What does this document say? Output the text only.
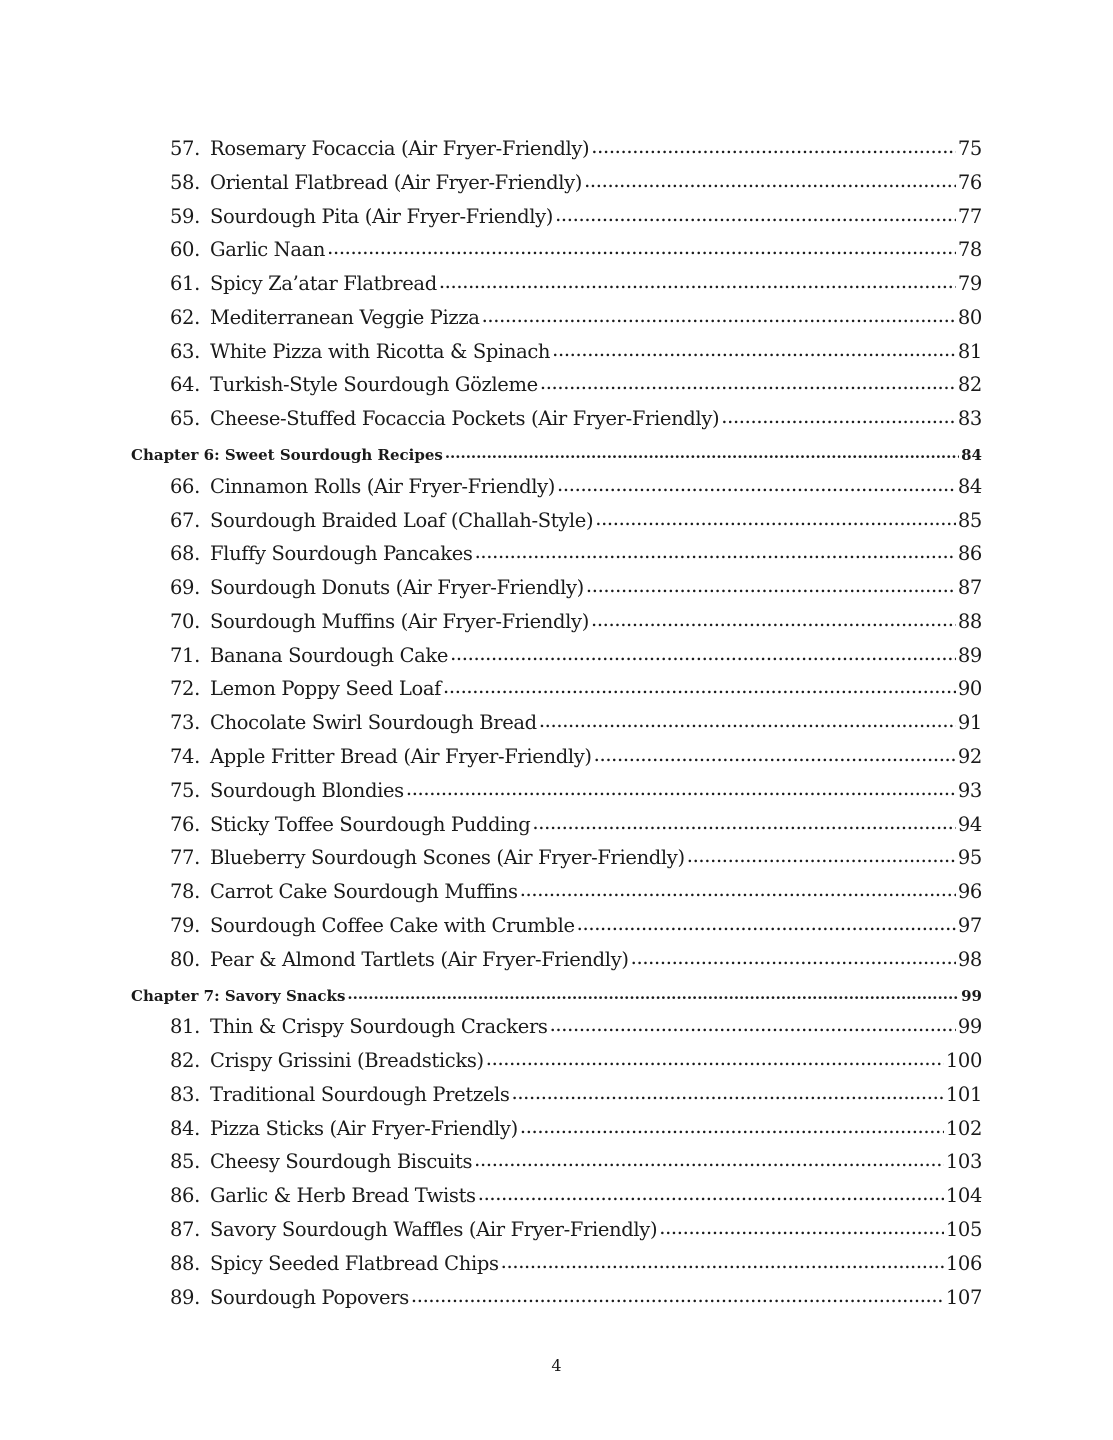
57. Rosemary Focaccia (Air Fryer-Friendly) .....	75
58. Oriental Flatbread (Air Fryer-Friendly) .....	76
59. Sourdough Pita (Air Fryer-Friendly) .....	77
60. Garlic Naan .....	78
61. Spicy Za’atar Flatbread .....	79
62. Mediterranean Veggie Pizza .....	80
63. White Pizza with Ricotta & Spinach .....	81
64. Turkish-Style Sourdough Gözleme .....	82
65. Cheese-Stuffed Focaccia Pockets (Air Fryer-Friendly) .....	83
Chapter 6: Sweet Sourdough Recipes .....	84
66. Cinnamon Rolls (Air Fryer-Friendly) .....	84
67. Sourdough Braided Loaf (Challah-Style) .....	85
68. Fluffy Sourdough Pancakes .....	86
69. Sourdough Donuts (Air Fryer-Friendly) .....	87
70. Sourdough Muffins (Air Fryer-Friendly) .....	88
71. Banana Sourdough Cake .....	89
72. Lemon Poppy Seed Loaf .....	90
73. Chocolate Swirl Sourdough Bread .....	91
74. Apple Fritter Bread (Air Fryer-Friendly) .....	92
75. Sourdough Blondies .....	93
76. Sticky Toffee Sourdough Pudding .....	94
77. Blueberry Sourdough Scones (Air Fryer-Friendly) .....	95
78. Carrot Cake Sourdough Muffins .....	96
79. Sourdough Coffee Cake with Crumble .....	97
80. Pear & Almond Tartlets (Air Fryer-Friendly) .....	98
Chapter 7: Savory Snacks .....	99
81. Thin & Crispy Sourdough Crackers .....	99
82. Crispy Grissini (Breadsticks) .....	100
83. Traditional Sourdough Pretzels .....	101
84. Pizza Sticks (Air Fryer-Friendly) .....	102
85. Cheesy Sourdough Biscuits .....	103
86. Garlic & Herb Bread Twists .....	104
87. Savory Sourdough Waffles (Air Fryer-Friendly) .....	105
88. Spicy Seeded Flatbread Chips .....	106
89. Sourdough Popovers .....	107
4
